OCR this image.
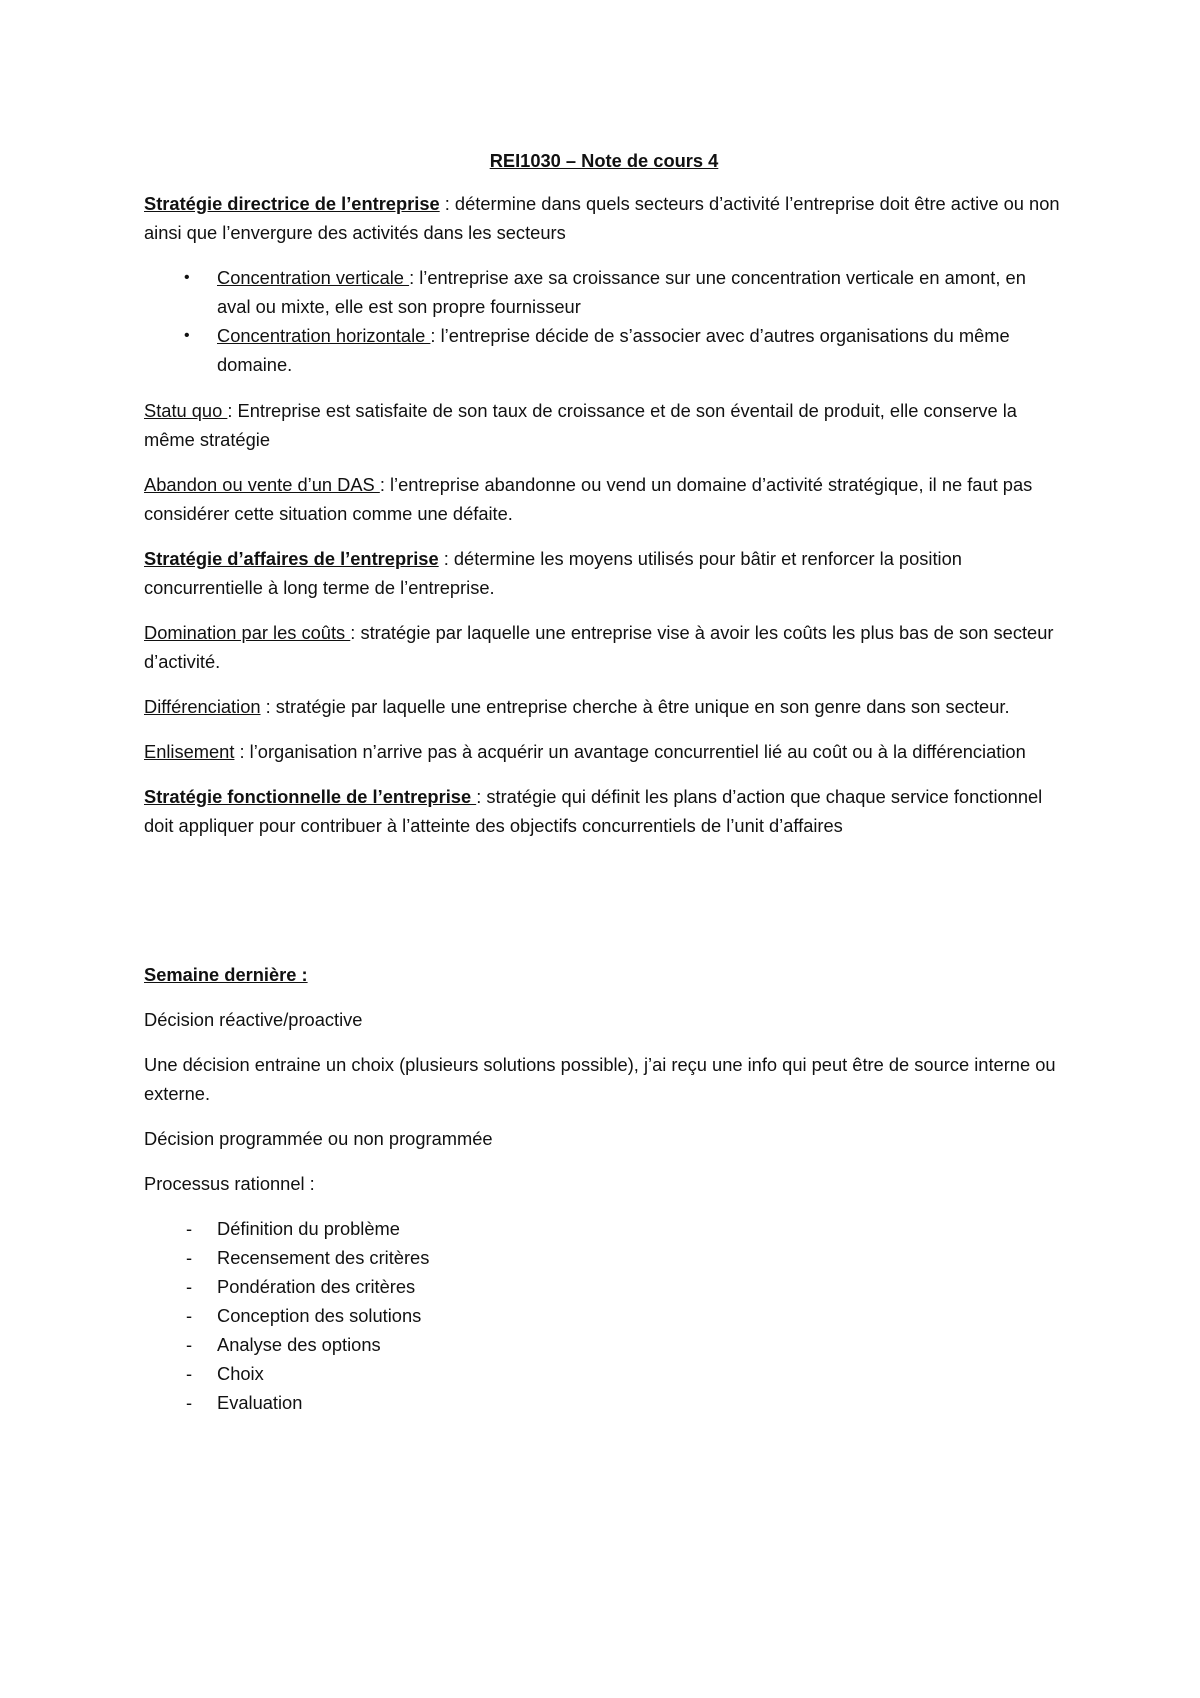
REI1030 – Note de cours 4

Stratégie directrice de l’entreprise : détermine dans quels secteurs d’activité l’entreprise doit être active ou non ainsi que l’envergure des activités dans les secteurs

• Concentration verticale : l’entreprise axe sa croissance sur une concentration verticale en amont, en aval ou mixte, elle est son propre fournisseur
• Concentration horizontale : l’entreprise décide de s’associer avec d’autres organisations du même domaine.

Statu quo : Entreprise est satisfaite de son taux de croissance et de son éventail de produit, elle conserve la même stratégie

Abandon ou vente d’un DAS : l’entreprise abandonne ou vend un domaine d’activité stratégique, il ne faut pas considérer cette situation comme une défaite.

Stratégie d’affaires de l’entreprise : détermine les moyens utilisés pour bâtir et renforcer la position concurrentielle à long terme de l’entreprise.

Domination par les coûts : stratégie par laquelle une entreprise vise à avoir les coûts les plus bas de son secteur d’activité.

Différenciation : stratégie par laquelle une entreprise cherche à être unique en son genre dans son secteur.

Enlisement : l’organisation n’arrive pas à acquérir un avantage concurrentiel lié au coût ou à la différenciation

Stratégie fonctionnelle de l’entreprise : stratégie qui définit les plans d’action que chaque service fonctionnel doit appliquer pour contribuer à l’atteinte des objectifs concurrentiels de l’unit d’affaires

Semaine dernière :

Décision réactive/proactive

Une décision entraine un choix (plusieurs solutions possible), j’ai reçu une info qui peut être de source interne ou externe.

Décision programmée ou non programmée

Processus rationnel :

- Définition du problème
- Recensement des critères
- Pondération des critères
- Conception des solutions
- Analyse des options
- Choix
- Evaluation
